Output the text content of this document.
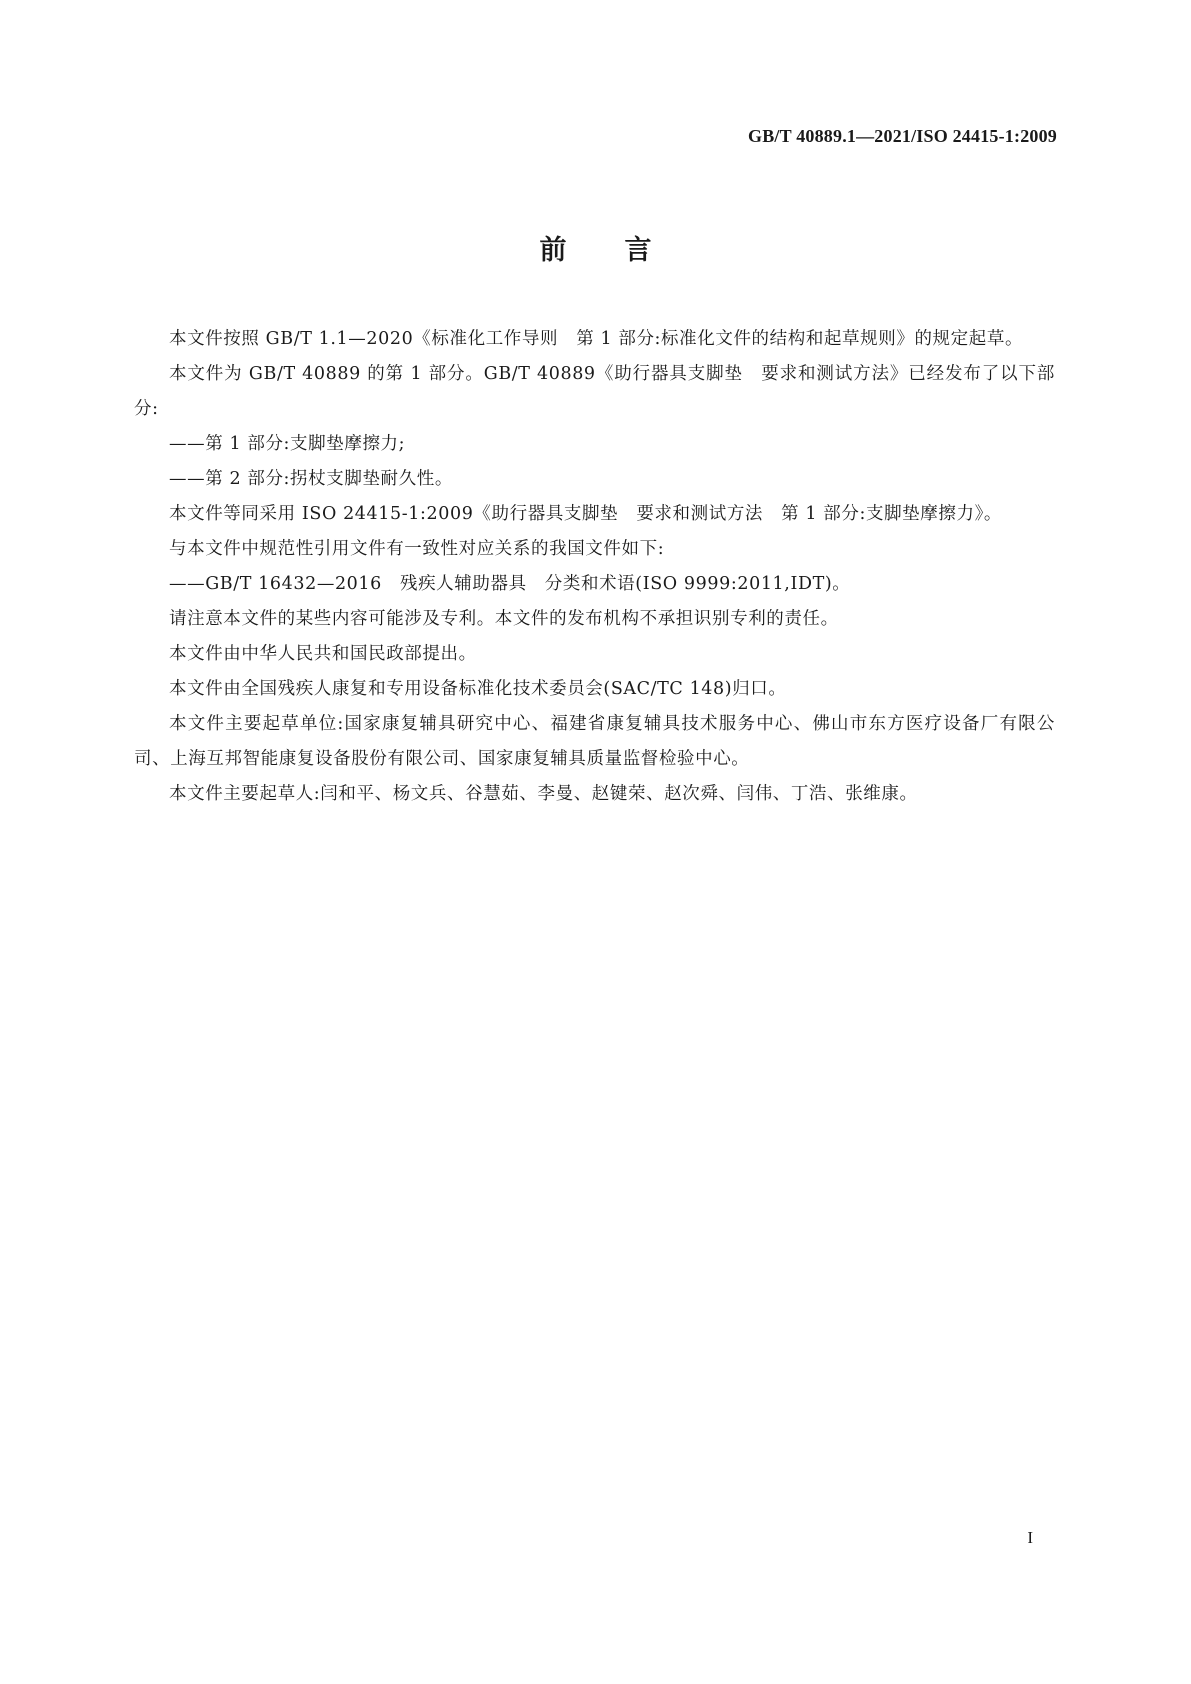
GB/T 40889.1—2021/ISO 24415-1:2009
前言

本文件按照 GB/T 1.1—2020《标准化工作导则　第 1 部分:标准化文件的结构和起草规则》的规定起草。

本文件为 GB/T 40889 的第 1 部分。GB/T 40889《助行器具支脚垫　要求和测试方法》已经发布了以下部分:

——第 1 部分:支脚垫摩擦力;

——第 2 部分:拐杖支脚垫耐久性。

本文件等同采用 ISO 24415-1:2009《助行器具支脚垫　要求和测试方法　第 1 部分:支脚垫摩擦力》。

与本文件中规范性引用文件有一致性对应关系的我国文件如下:

——GB/T 16432—2016　残疾人辅助器具　分类和术语(ISO 9999:2011,IDT)。

请注意本文件的某些内容可能涉及专利。本文件的发布机构不承担识别专利的责任。

本文件由中华人民共和国民政部提出。

本文件由全国残疾人康复和专用设备标准化技术委员会(SAC/TC 148)归口。

本文件主要起草单位:国家康复辅具研究中心、福建省康复辅具技术服务中心、佛山市东方医疗设备厂有限公司、上海互邦智能康复设备股份有限公司、国家康复辅具质量监督检验中心。

本文件主要起草人:闫和平、杨文兵、谷慧茹、李曼、赵键荣、赵次舜、闫伟、丁浩、张维康。

I
